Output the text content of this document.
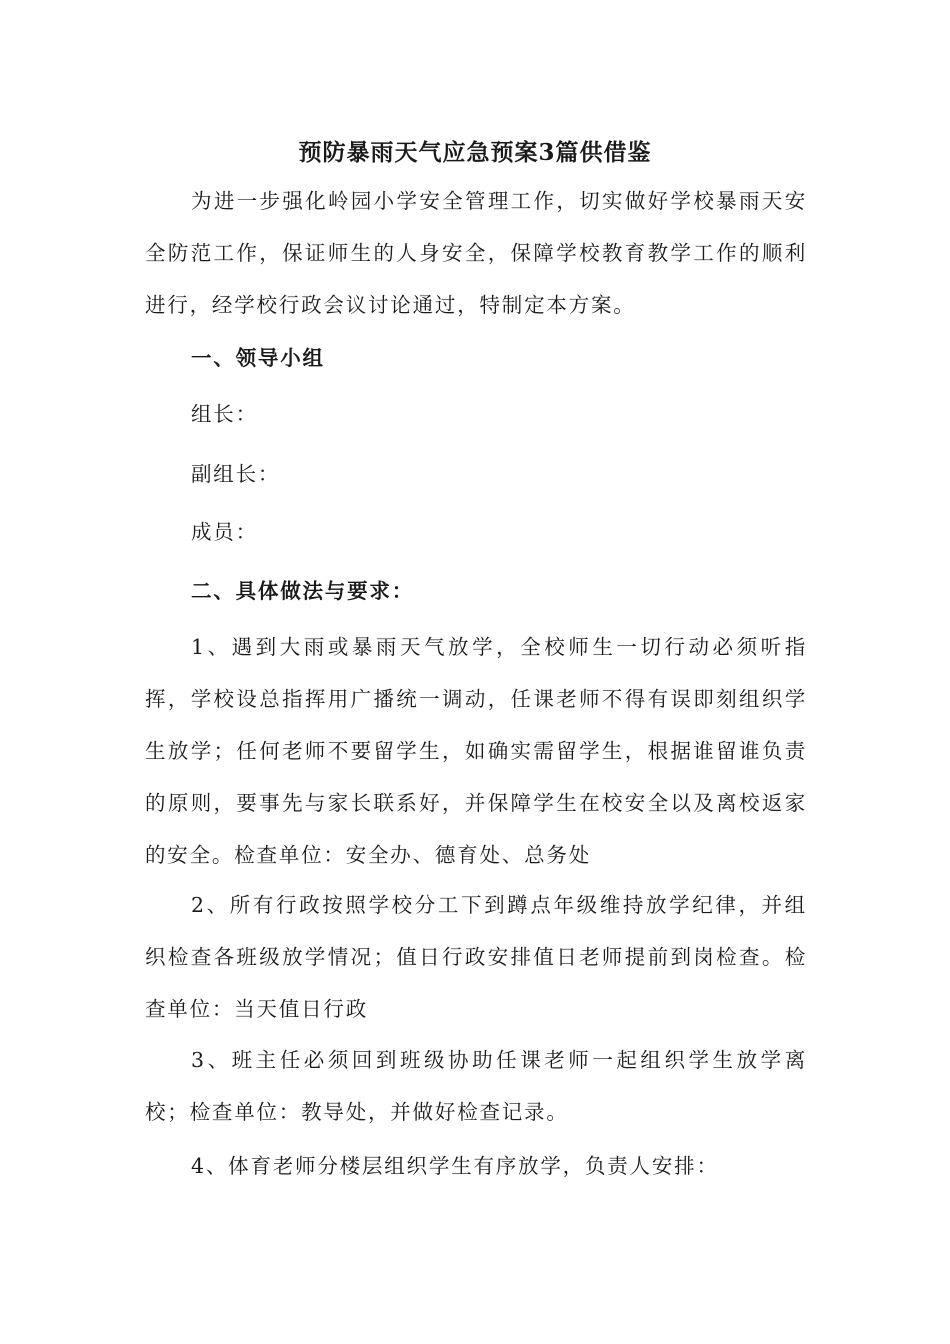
预防暴雨天气应急预案3篇供借鉴

为进一步强化岭园小学安全管理工作，切实做好学校暴雨天安全防范工作，保证师生的人身安全，保障学校教育教学工作的顺利进行，经学校行政会议讨论通过，特制定本方案。

一、领导小组

组长：

副组长：

成员：

二、具体做法与要求：

1、遇到大雨或暴雨天气放学，全校师生一切行动必须听指挥，学校设总指挥用广播统一调动，任课老师不得有误即刻组织学生放学；任何老师不要留学生，如确实需留学生，根据谁留谁负责的原则，要事先与家长联系好，并保障学生在校安全以及离校返家的安全。检查单位：安全办、德育处、总务处

2、所有行政按照学校分工下到蹲点年级维持放学纪律，并组织检查各班级放学情况；值日行政安排值日老师提前到岗检查。检查单位：当天值日行政

3、班主任必须回到班级协助任课老师一起组织学生放学离校；检查单位：教导处，并做好检查记录。

4、体育老师分楼层组织学生有序放学，负责人安排：
